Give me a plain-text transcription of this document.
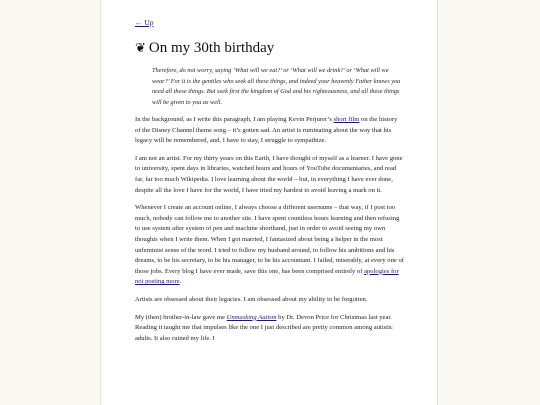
← Up
❦ On my 30th birthday
Therefore, do not worry, saying ‘What will we eat?’ or ‘What will we drink?’ or ‘What will we wear?’ For it is the gentiles who seek all these things, and indeed your heavenly Father knows you need all these things. But seek first the kingdom of God and his righteousness, and all these things will be given to you as well.

In the background, as I write this paragraph, I am playing Kevin Perjurer’s short film on the history of the Disney Channel theme song – it’s gotten sad. An artist is ruminating about the way that his legacy will be remembered, and, I have to stay, I struggle to sympathize.

I am not an artist. For my thirty years on this Earth, I have thought of myself as a learner. I have gone to university, spent days in libraries, watched hours and hours of YouTube documentaries, and read far, far too much Wikipedia. I love learning about the world – but, in everything I have ever done, despite all the love I have for the world, I have tried my hardest to avoid leaving a mark on it.

Whenever I create an account online, I always choose a different username – that way, if I post too much, nobody can follow me to another site. I have spent countless hours learning and then refusing to use system after system of pen and machine shorthand, just in order to avoid seeing my own thoughts when I write them. When I got married, I fantasized about being a helper in the most unfeminist sense of the word. I tried to follow my husband around, to follow his ambitions and his dreams, to be his secretary, to be his manager, to be his accountant. I failed, miserably, at every one of those jobs. Every blog I have ever made, save this one, has been comprised entirely of apologies for not posting more.

Artists are obsessed about their legacies. I am obsessed about my ability to be forgotten.

My (then) brother-in-law gave me Unmasking Autism by Dr. Devon Price for Christmas last year. Reading it taught me that impulses like the one I just described are pretty common among autistic adults. It also ruined my life. I
